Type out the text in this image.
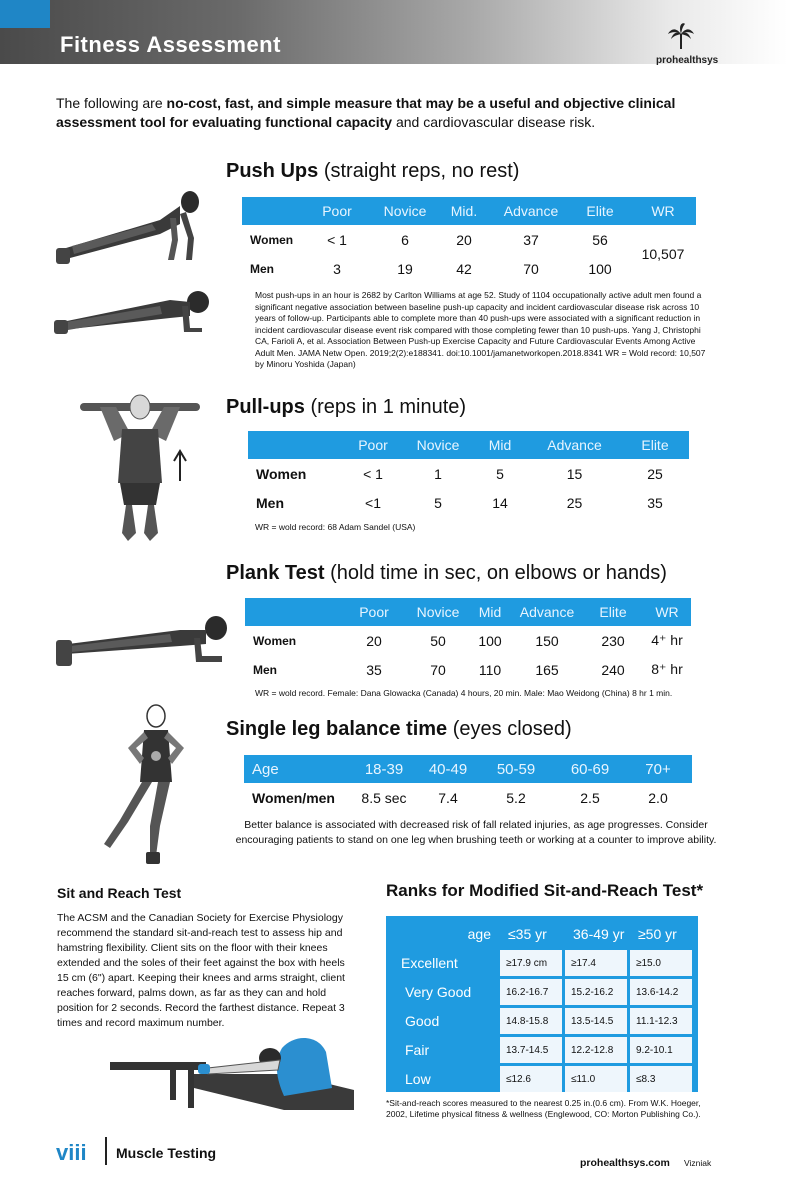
Fitness Assessment
prohealthsys
The following are no-cost, fast, and simple measure that may be a useful and objective clinical assessment tool for evaluating functional capacity and cardiovascular disease risk.
Push Ups (straight reps, no rest)
	Poor	Novice	Mid.	Advance	Elite	WR
Women	< 1	6	20	37	56	10,507
Men	3	19	42	70	100	
Most push-ups in an hour is 2682 by Carlton Williams at age 52. Study of 1104 occupationally active adult men found a significant negative association between baseline push-up capacity and incident cardiovascular disease risk across 10 years of follow-up. Participants able to complete more than 40 push-ups were associated with a significant reduction in incident cardiovascular disease event risk compared with those completing fewer than 10 push-ups. Yang J, Christophi CA, Farioli A, et al. Association Between Push-up Exercise Capacity and Future Cardiovascular Events Among Active Adult Men. JAMA Netw Open. 2019;2(2):e188341. doi:10.1001/jamanetworkopen.2018.8341 WR = Wold record: 10,507 by Minoru Yoshida (Japan)
Pull-ups (reps in 1 minute)
	Poor	Novice	Mid	Advance	Elite
Women	< 1	1	5	15	25
Men	<1	5	14	25	35
WR = wold record: 68 Adam Sandel (USA)
Plank Test (hold time in sec, on elbows or hands)
	Poor	Novice	Mid	Advance	Elite	WR
Women	20	50	100	150	230	4⁺ hr
Men	35	70	110	165	240	8⁺ hr
WR = wold record. Female: Dana Glowacka (Canada) 4 hours, 20 min. Male: Mao Weidong (China) 8 hr 1 min.
Single leg balance time (eyes closed)
Age	18-39	40-49	50-59	60-69	70+
Women/men	8.5 sec	7.4	5.2	2.5	2.0
Better balance is associated with decreased risk of fall related injuries, as age progresses. Consider encouraging patients to stand on one leg when brushing teeth or working at a counter to improve ability.
Sit and Reach Test
The ACSM and the Canadian Society for Exercise Physiology recommend the standard sit-and-reach test to assess hip and hamstring flexibility. Client sits on the floor with their knees extended and the soles of their feet against the box with heels 15 cm (6") apart. Keeping their knees and arms straight, client reaches forward, palms down, as far as they can and hold position for 2 seconds. Record the farthest distance. Repeat 3 times and record maximum number.
Ranks for Modified Sit-and-Reach Test*
age	≤35 yr	36-49 yr	≥50 yr
Excellent	≥17.9 cm	≥17.4	≥15.0
Very Good	16.2-16.7	15.2-16.2	13.6-14.2
Good	14.8-15.8	13.5-14.5	11.1-12.3
Fair	13.7-14.5	12.2-12.8	9.2-10.1
Low	≤12.6	≤11.0	≤8.3
*Sit-and-reach scores measured to the nearest 0.25 in.(0.6 cm). From W.K. Hoeger, 2002, Lifetime physical fitness & wellness (Englewood, CO: Morton Publishing Co.).
viii Muscle Testing
prohealthsys.com Vizniak
